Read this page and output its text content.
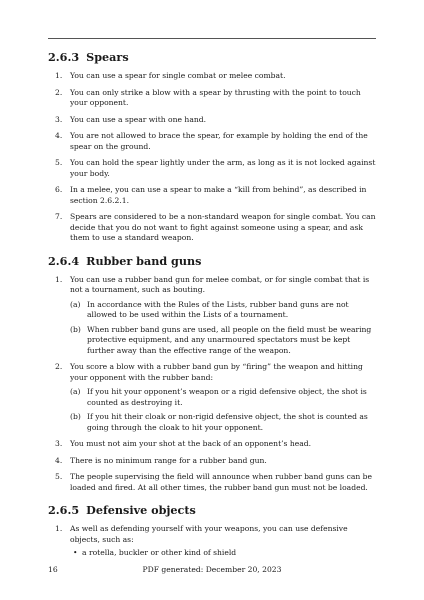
2.6.3 Spears
1. You can use a spear for single combat or melee combat.
2. You can only strike a blow with a spear by thrusting with the point to touch your opponent.
3. You can use a spear with one hand.
4. You are not allowed to brace the spear, for example by holding the end of the spear on the ground.
5. You can hold the spear lightly under the arm, as long as it is not locked against your body.
6. In a melee, you can use a spear to make a “kill from behind”, as described in section 2.6.2.1.
7. Spears are considered to be a non-standard weapon for single combat. You can decide that you do not want to fight against someone using a spear, and ask them to use a standard weapon.
2.6.4 Rubber band guns
1. You can use a rubber band gun for melee combat, or for single combat that is not a tournament, such as bouting.
(a) In accordance with the Rules of the Lists, rubber band guns are not allowed to be used within the Lists of a tournament.
(b) When rubber band guns are used, all people on the field must be wearing protective equipment, and any unarmoured spectators must be kept further away than the effective range of the weapon.
2. You score a blow with a rubber band gun by “firing” the weapon and hitting your opponent with the rubber band:
(a) If you hit your opponent’s weapon or a rigid defensive object, the shot is counted as destroying it.
(b) If you hit their cloak or non-rigid defensive object, the shot is counted as going through the cloak to hit your opponent.
3. You must not aim your shot at the back of an opponent’s head.
4. There is no minimum range for a rubber band gun.
5. The people supervising the field will announce when rubber band guns can be loaded and fired. At all other times, the rubber band gun must not be loaded.
2.6.5 Defensive objects
1. As well as defending yourself with your weapons, you can use defensive objects, such as:
• a rotella, buckler or other kind of shield
16	PDF generated: December 20, 2023
